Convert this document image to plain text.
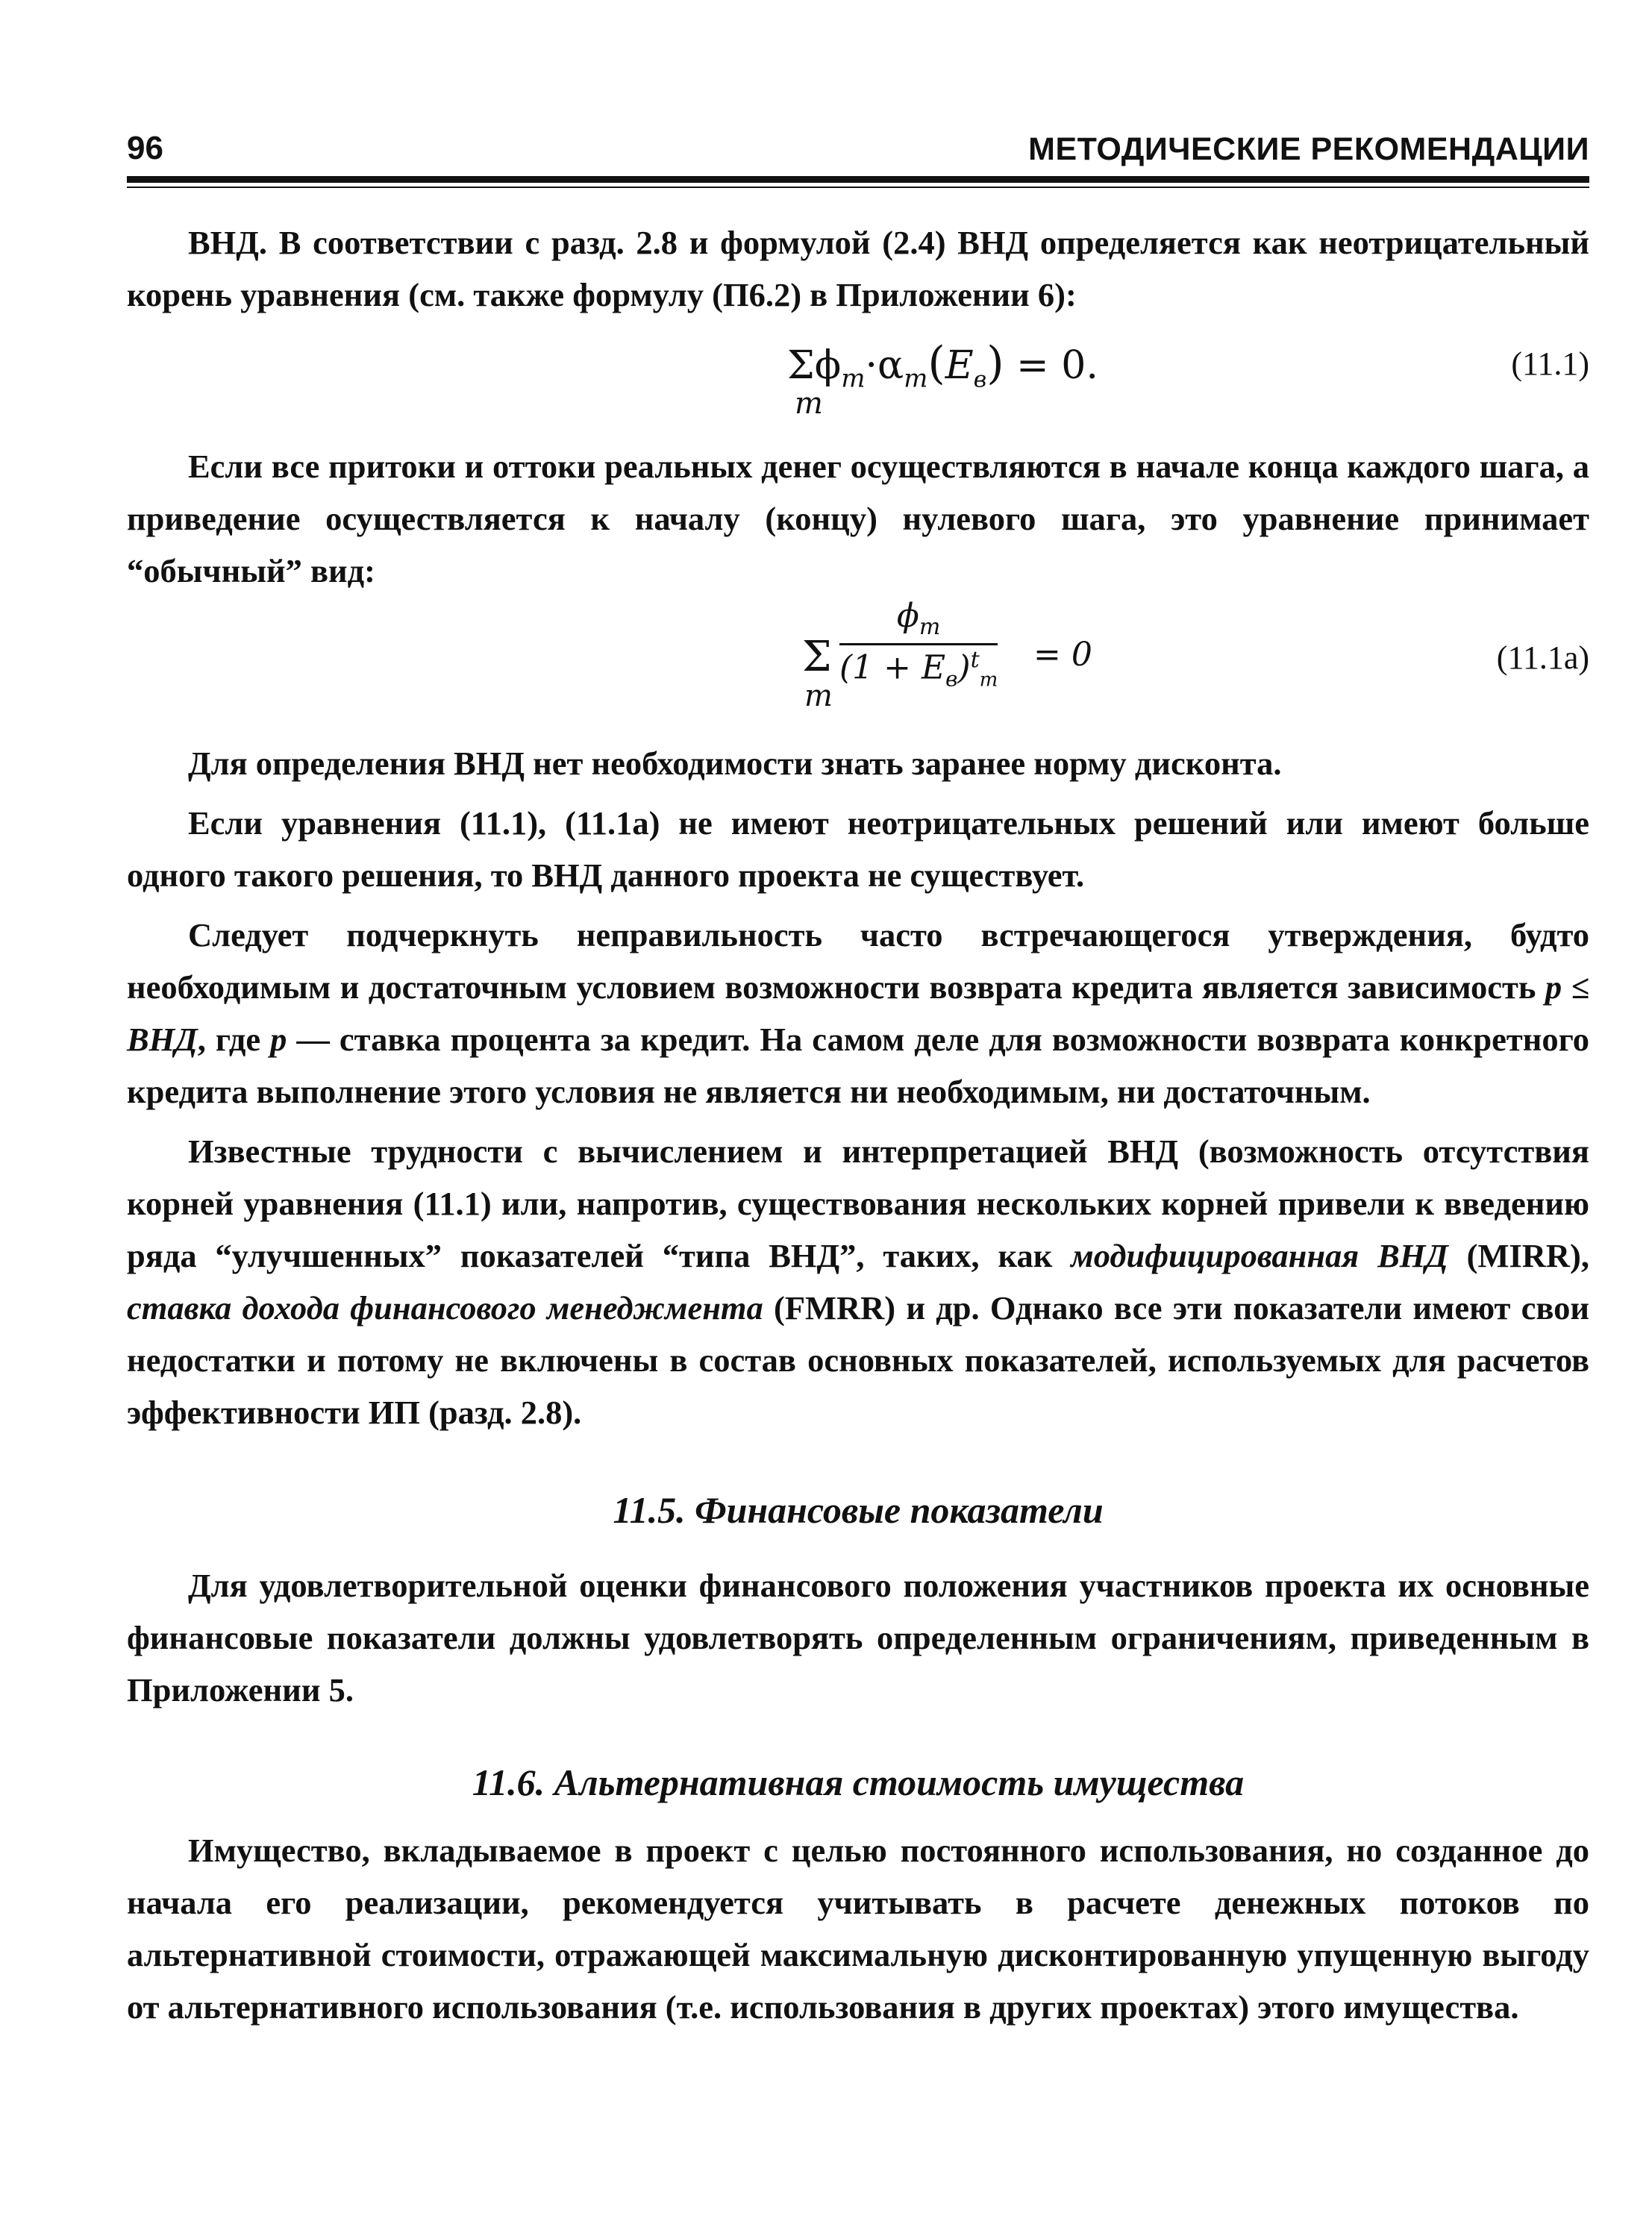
96	МЕТОДИЧЕСКИЕ РЕКОМЕНДАЦИИ

ВНД. В соответствии с разд. 2.8 и формулой (2.4) ВНД определяется как неотрицательный корень уравнения (см. также формулу (П6.2) в Приложении 6):

$\Sigma\phi_m\cdot\alpha_m(E_в) = 0$.
m
(11.1)

Если все притоки и оттоки реальных денег осуществляются в начале конца каждого шага, а приведение осуществляется к началу (концу) нулевого шага, это уравнение принимает “обычный” вид:

Σ
m
$\frac{\phi_m}{(1 + E_в)^t_m} = 0$	(11.1a)

Для определения ВНД нет необходимости знать заранее норму дисконта.

Если уравнения (11.1), (11.1a) не имеют неотрицательных решений или имеют больше одного такого решения, то ВНД данного проекта не существует.

Следует подчеркнуть неправильность часто встречающегося утверждения, будто необходимым и достаточным условием возможности возврата кредита является зависимость p ≤ ВНД, где p — ставка процента за кредит. На самом деле для возможности возврата конкретного кредита выполнение этого условия не является ни необходимым, ни достаточным.

Известные трудности с вычислением и интерпретацией ВНД (возможность отсутствия корней уравнения (11.1) или, напротив, существования нескольких корней привели к введению ряда “улучшенных” показателей “типа ВНД”, таких, как модифицированная ВНД (MIRR), ставка дохода финансового менеджмента (FMRR) и др. Однако все эти показатели имеют свои недостатки и потому не включены в состав основных показателей, используемых для расчетов эффективности ИП (разд. 2.8).

11.5. Финансовые показатели

Для удовлетворительной оценки финансового положения участников проекта их основные финансовые показатели должны удовлетворять определенным ограничениям, приведенным в Приложении 5.

11.6. Альтернативная стоимость имущества

Имущество, вкладываемое в проект с целью постоянного использования, но созданное до начала его реализации, рекомендуется учитывать в расчете денежных потоков по альтернативной стоимости, отражающей максимальную дисконтированную упущенную выгоду от альтернативного использования (т.е. использования в других проектах) этого имущества.
